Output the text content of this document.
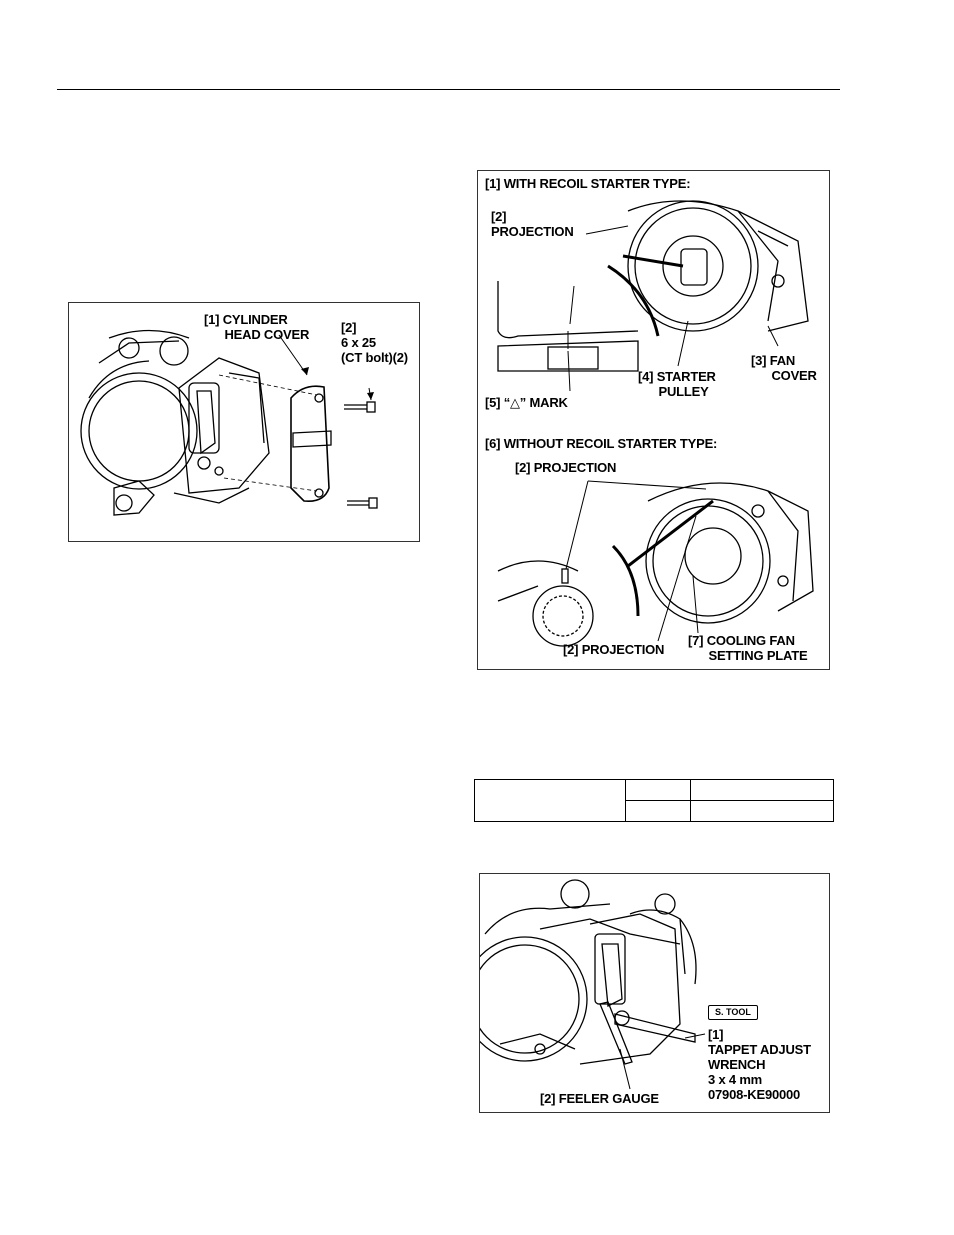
[1] CYLINDER
HEAD COVER [2]
6 x 25
(CT bolt)(2)
[1] WITH RECOIL STARTER TYPE:
[2]
PROJECTION
[5] “△” MARK
[4] STARTER
PULLEY
[3] FAN
COVER
[6] WITHOUT RECOIL STARTER TYPE:
[2] PROJECTION
[2] PROJECTION
[7] COOLING FAN
SETTING PLATE

S. TOOL
[1]
TAPPET ADJUST
WRENCH
3 x 4 mm
07908-KE90000
[2] FEELER GAUGE
